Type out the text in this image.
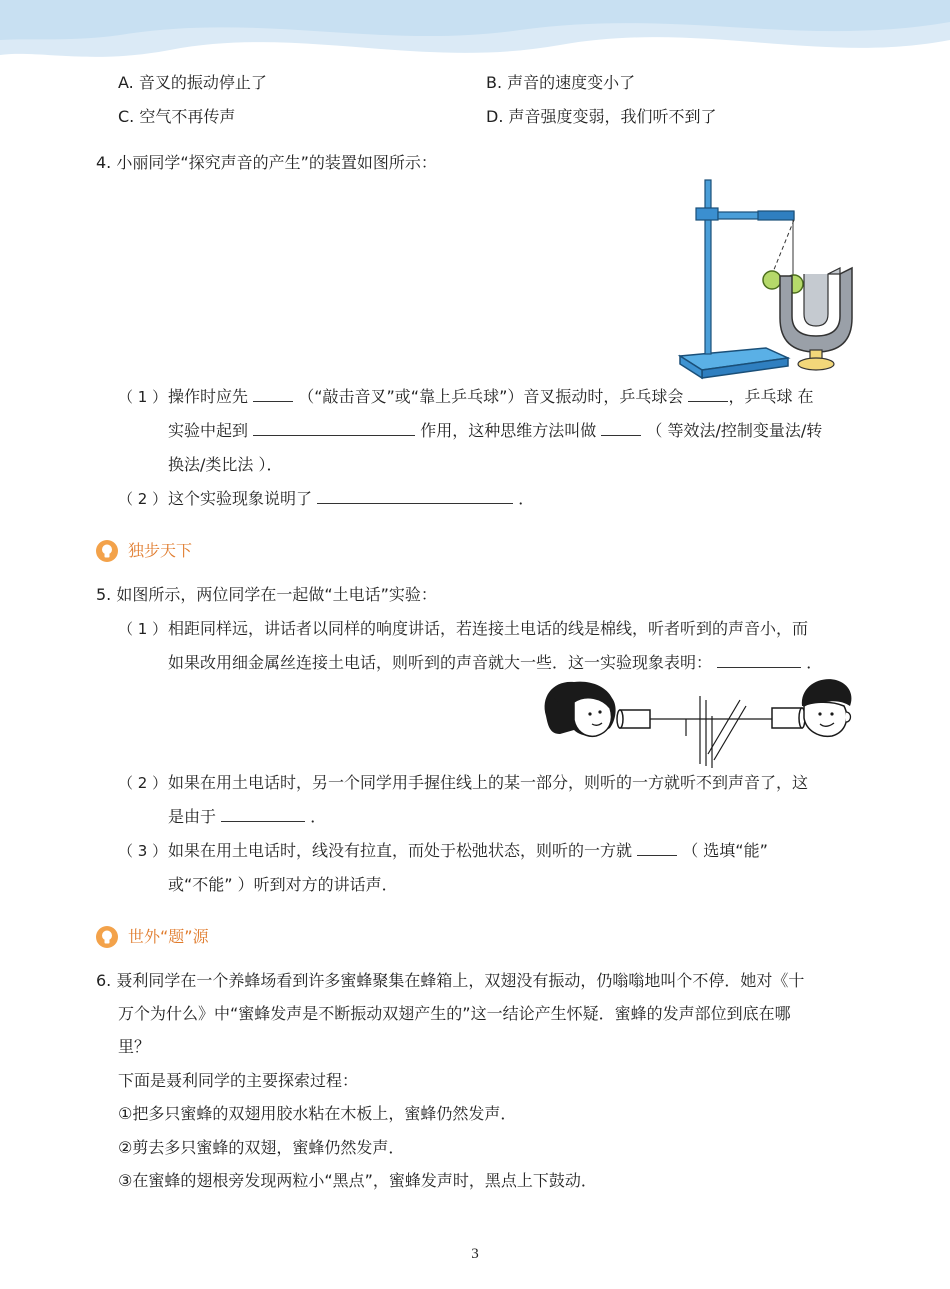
A. 音叉的振动停止了	B. 声音的速度变小了
C. 空气不再传声	D. 声音强度变弱，我们听不到了
4. 小丽同学“探究声音的产生”的装置如图所示：
（ 1 ） 操作时应先	（“敲击音叉”或“靠上乒乓球”）音叉振动时，乒乓球会	，乒乓球 在
实验中起到	作用，这种思维方法叫做	（ 等效法/控制变量法/转
换法/类比法 ）．
（ 2 ） 这个实验现象说明了	．
独步天下
5. 如图所示，两位同学在一起做“土电话”实验：
（ 1 ） 相距同样远，讲话者以同样的响度讲话，若连接土电话的线是棉线，听者听到的声音小，而
如果改用细金属丝连接土电话，则听到的声音就大一些．这一实验现象表明：	．
（ 2 ） 如果在用土电话时，另一个同学用手握住线上的某一部分，则听的一方就听不到声音了，这
是由于	．
（ 3 ） 如果在用土电话时，线没有拉直，而处于松弛状态，则听的一方就	（ 选填“能”
或“不能” ）听到对方的讲话声．
世外“题”源
6. 聂利同学在一个养蜂场看到许多蜜蜂聚集在蜂箱上，双翅没有振动，仍嗡嗡地叫个不停．她对《十
万个为什么》中“蜜蜂发声是不断振动双翅产生的”这一结论产生怀疑．蜜蜂的发声部位到底在哪
里？
下面是聂利同学的主要探索过程：
①把多只蜜蜂的双翅用胶水粘在木板上，蜜蜂仍然发声．
②剪去多只蜜蜂的双翅，蜜蜂仍然发声．
③在蜜蜂的翅根旁发现两粒小“黑点”，蜜蜂发声时，黑点上下鼓动．
3
